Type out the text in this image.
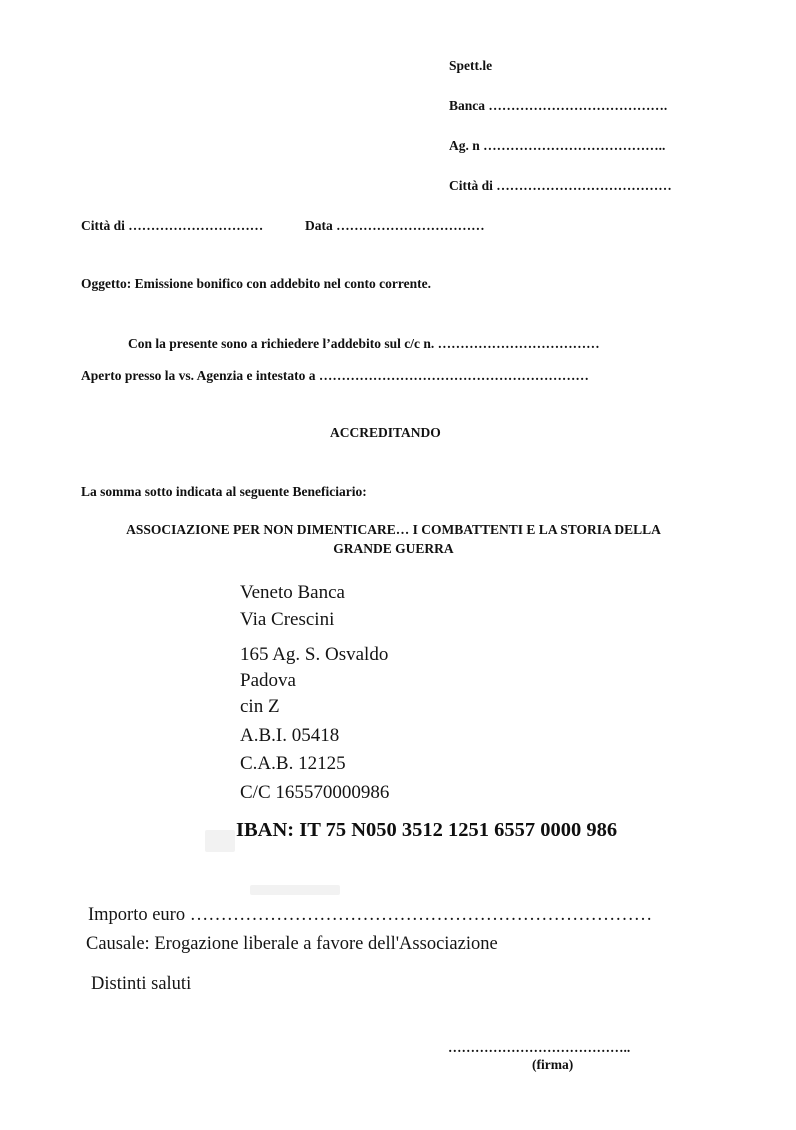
Spett.le
Banca ………………………………….
Ag. n …………………………………..
Città di …………………………………
Città di …………………………	Data ……………………………
Oggetto: Emissione bonifico con addebito nel conto corrente.
Con la presente sono a richiedere l’addebito sul c/c n. ………………………………
Aperto presso la vs. Agenzia e intestato a ……………………………………………………
ACCREDITANDO
La somma sotto indicata al seguente Beneficiario:
ASSOCIAZIONE PER NON DIMENTICARE… I COMBATTENTI E LA STORIA DELLA
GRANDE GUERRA
Veneto Banca
Via Crescini
165 Ag. S. Osvaldo
Padova
cin Z
A.B.I. 05418
C.A.B. 12125
C/C 165570000986
IBAN: IT 75 N050 3512 1251 6557 0000 986
Importo euro …………………………………………………………………
Causale: Erogazione liberale a favore dell'Associazione
Distinti saluti
…………………………………..
(firma)
